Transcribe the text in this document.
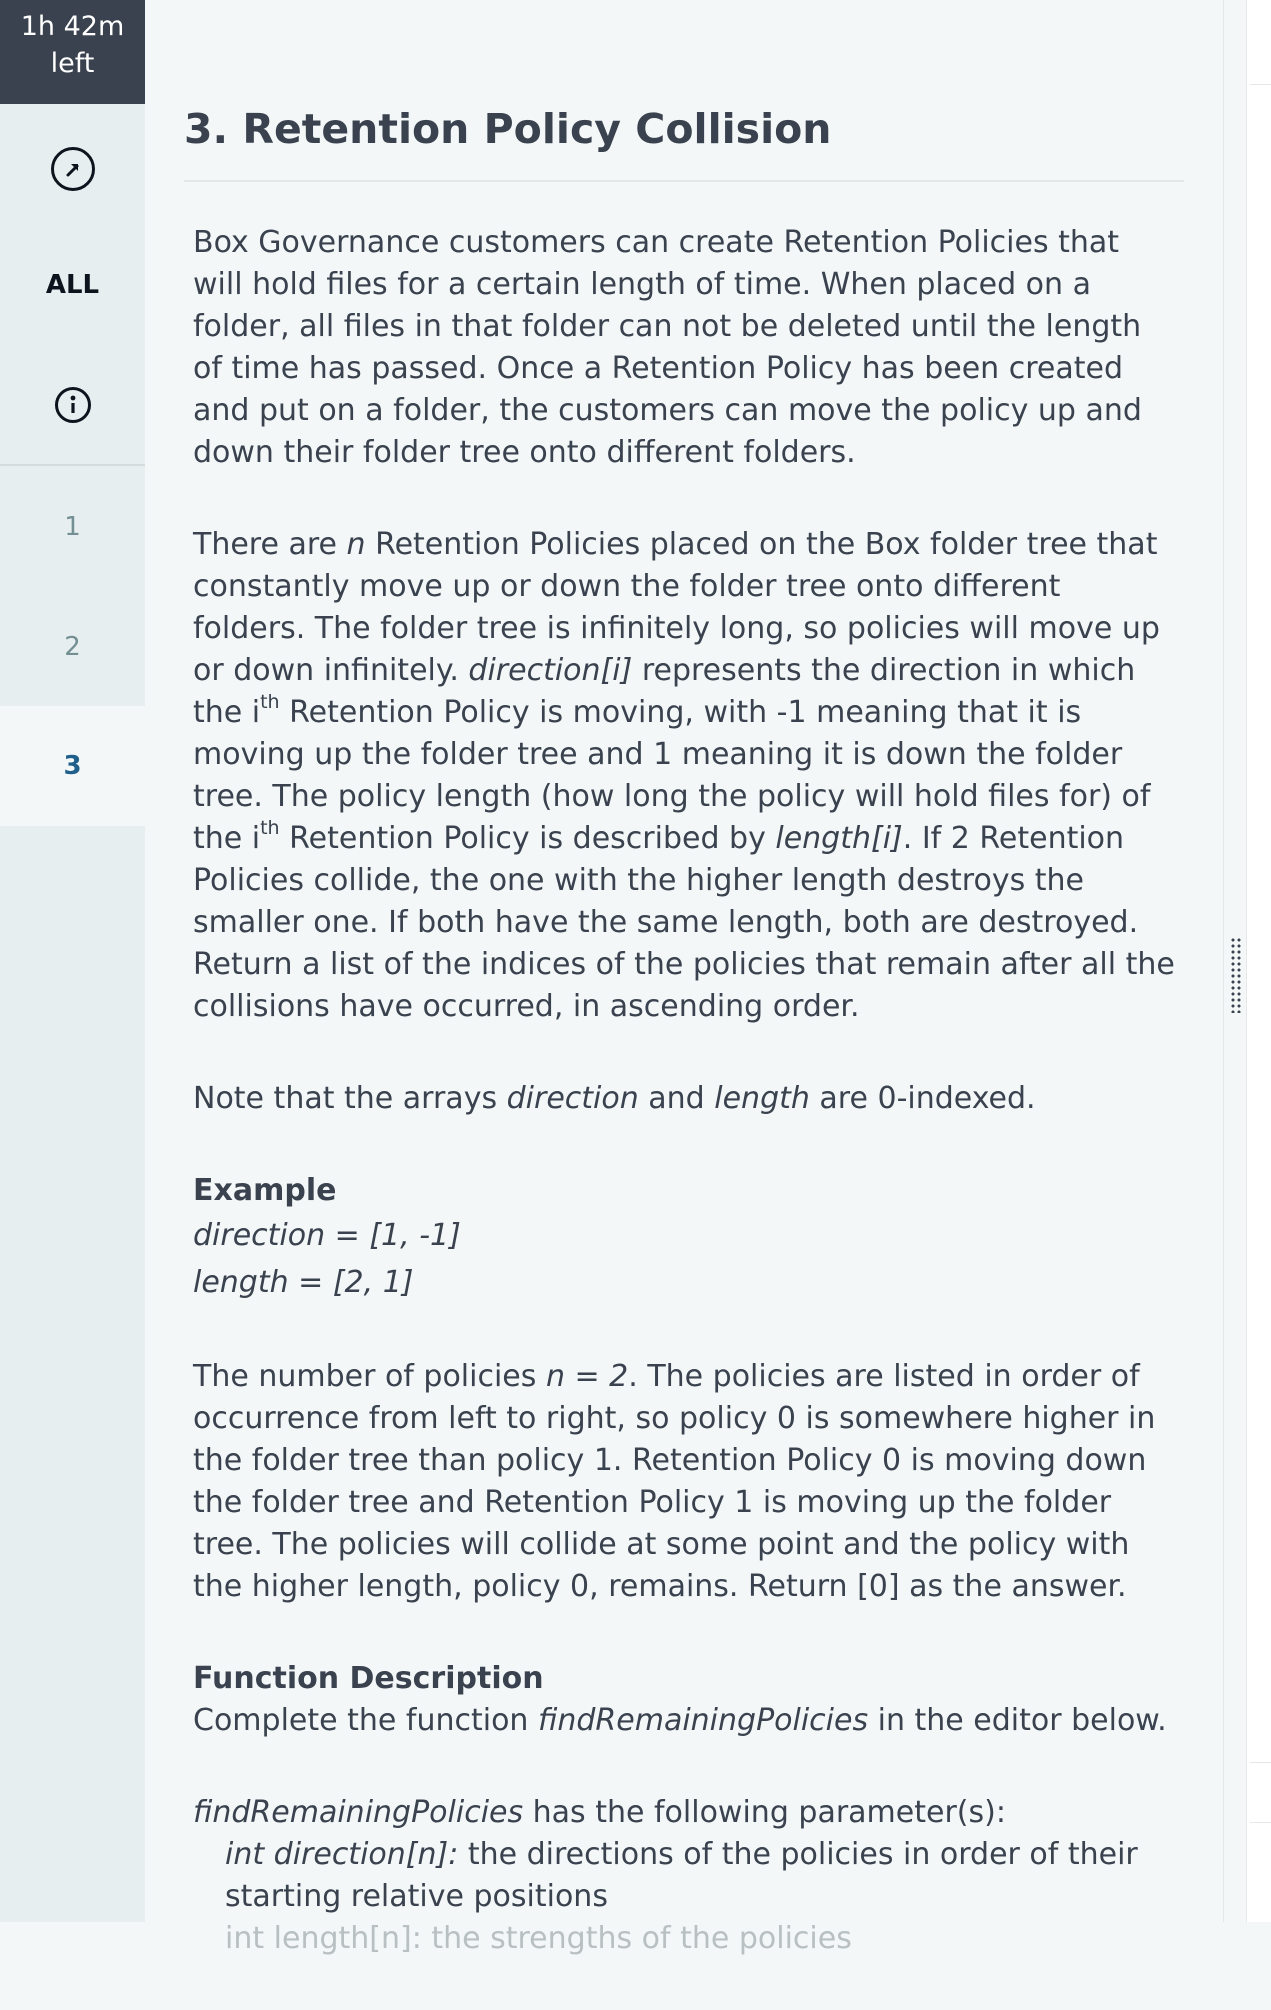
1h 42m
left
ALL
1
2
3
3. Retention Policy Collision

Box Governance customers can create Retention Policies that will hold files for a certain length of time. When placed on a folder, all files in that folder can not be deleted until the length of time has passed. Once a Retention Policy has been created and put on a folder, the customers can move the policy up and down their folder tree onto different folders.

There are n Retention Policies placed on the Box folder tree that constantly move up or down the folder tree onto different folders. The folder tree is infinitely long, so policies will move up or down infinitely. direction[i] represents the direction in which the $i^{th}$ Retention Policy is moving, with -1 meaning that it is moving up the folder tree and 1 meaning it is down the folder tree. The policy length (how long the policy will hold files for) of the $i^{th}$ Retention Policy is described by length[i]. If 2 Retention Policies collide, the one with the higher length destroys the smaller one. If both have the same length, both are destroyed. Return a list of the indices of the policies that remain after all the collisions have occurred, in ascending order.

Note that the arrays direction and length are 0-indexed.

Example
direction = [1, -1]
length = [2, 1]

The number of policies n = 2. The policies are listed in order of occurrence from left to right, so policy 0 is somewhere higher in the folder tree than policy 1. Retention Policy 0 is moving down the folder tree and Retention Policy 1 is moving up the folder tree. The policies will collide at some point and the policy with the higher length, policy 0, remains. Return [0] as the answer.

Function Description
Complete the function findRemainingPolicies in the editor below.

findRemainingPolicies has the following parameter(s):
int direction[n]: the directions of the policies in order of their starting relative positions
int length[n]: the strengths of the policies
